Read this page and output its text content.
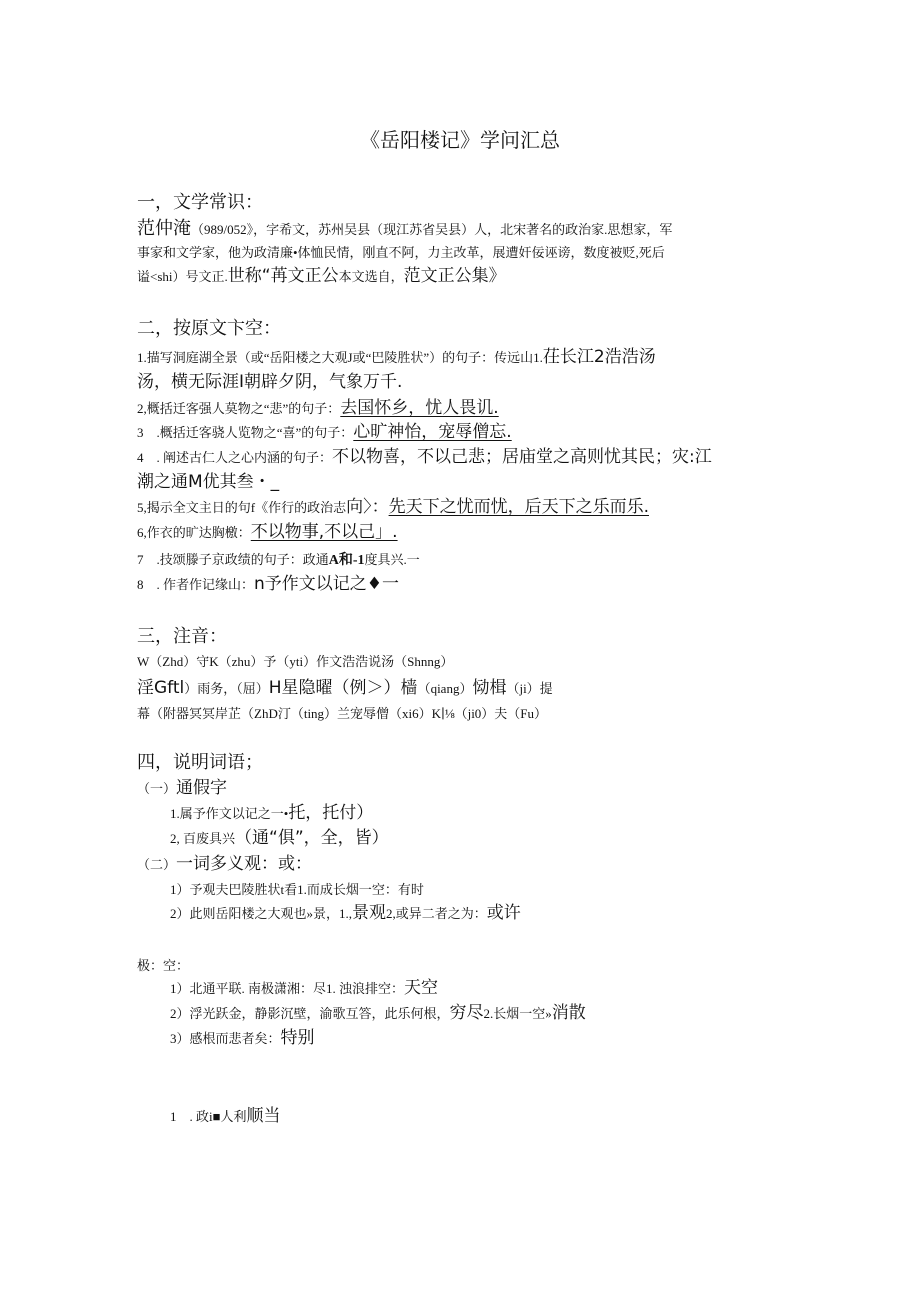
《岳阳楼记》学问汇总
一，文学常识：
范仲淹（989/052》，字希文，苏州吴县（现江苏省吴县）人，北宋著名的政治家.思想家，军
事家和文学家，他为政清廉•体恤民情，刚直不阿，力主改革，展遭奸佞诬谤，数度被贬,死后
谥<shi）号文正.世称“苒文正公本文选自，范文正公集》
二，按原文卞空：
1.描写洞庭湖全景（或“岳阳楼之大观J或“巴陵胜状”）的句子：传远山1.茌长江2浩浩汤
汤，横无际涯I朝辟夕阴，气象万千.
2,概括迁客强人莫物之“悲”的句子：去国怀乡，忧人畏讥.
3　.概括迁客骁人览物之“喜”的句子：心旷神怡，宠辱僧忘.
4　. 阐述古仁人之心内涵的句子：不以物喜，不以己悲；居庙堂之高则忧其民；灾:江
潮之通M优其叁・_
5,揭示全文主日的句f《作行的政治志向〉：先天下之忧而忧，后天下之乐而乐.
6,作衣的旷达胸檄：不以物事,不以己」.
7　.技颂滕子京政绩的句子：政通A和-1度具兴.一
8　. 作者作记缘山：n予作文以记之♦一
三，注音：
W（Zhd）守K（zhu）予（yti）作文浩浩说汤（Shnng）
淫Gftl）雨务，（屈）H星隐曜（例＞）樯（qiang）恸楫（ji）提
幕（附器冥冥岸芷（ZhD汀（ting）兰宠辱僧（xi6）K∣⅛（ji0）夫（Fu）
四，说明词语；
（一）通假字
1.属予作文以记之一•托，托付）
2, 百废具兴（通“俱”，全，皆）
（二）一词多义观：或：
1）予观夫巴陵胜状t看1.而成长烟一空：有时
2）此则岳阳楼之大观也»景，1.,景观2,或异二者之为：或许
极：空：
1）北通平联. 南极潇湘：尽1. 浊浪排空：天空
2）浮光跃金，静影沉壁，渝歌互答，此乐何根，穷尽2.长烟一空»消散
3）感根而悲者矣：特别
1　. 政i■人利顺当
